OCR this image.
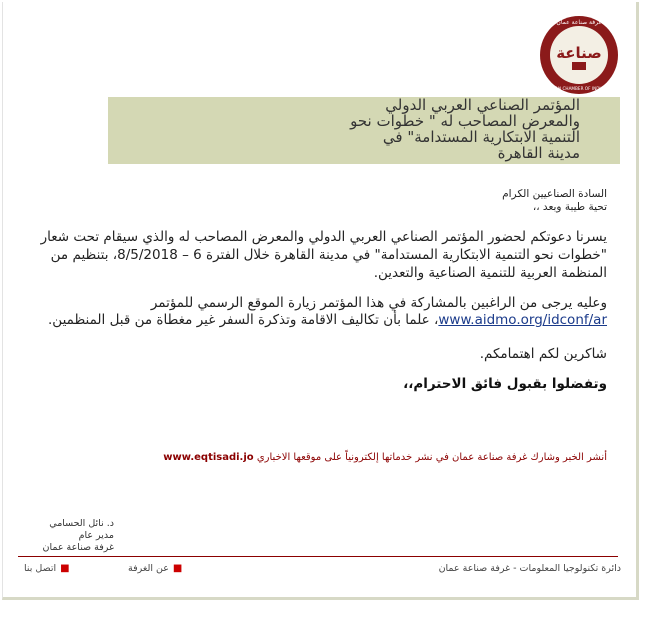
غرفة صناعة عمان
صناعة
AMMAN CHAMBER OF INDUSTRY
المؤتمر الصناعي العربي الدولي
والمعرض المصاحب له " خطوات نحو
التنمية الابتكارية المستدامة" في
مدينة القاهرة
السادة الصناعيين الكرام
تحية طيبة وبعد ،،
يسرنا دعوتكم لحضور المؤتمر الصناعي العربي الدولي والمعرض المصاحب له والذي سيقام تحت شعار "خطوات نحو التنمية الابتكارية المستدامة" في مدينة القاهرة خلال الفترة 6 – 8/5/2018، بتنظيم من المنظمة العربية للتنمية الصناعية والتعدين.
وعليه يرجى من الراغبين بالمشاركة في هذا المؤتمر زيارة الموقع الرسمي للمؤتمر
www.aidmo.org/idconf/ar، علما بأن تكاليف الاقامة وتذكرة السفر غير مغطاة من قبل المنظمين.
شاكرين لكم اهتمامكم.
وتفضلوا بقبول فائق الاحترام،،
أنشر الخبر وشارك غرفة صناعة عمان في نشر خدماتها إلكترونياً على موقعها الاخباري www.eqtisadi.jo
د. نائل الحسامي
مدير عام
غرفة صناعة عمان
دائرة تكنولوجيا المعلومات - غرفة صناعة عمان
■عن الغرفة
■اتصل بنا
